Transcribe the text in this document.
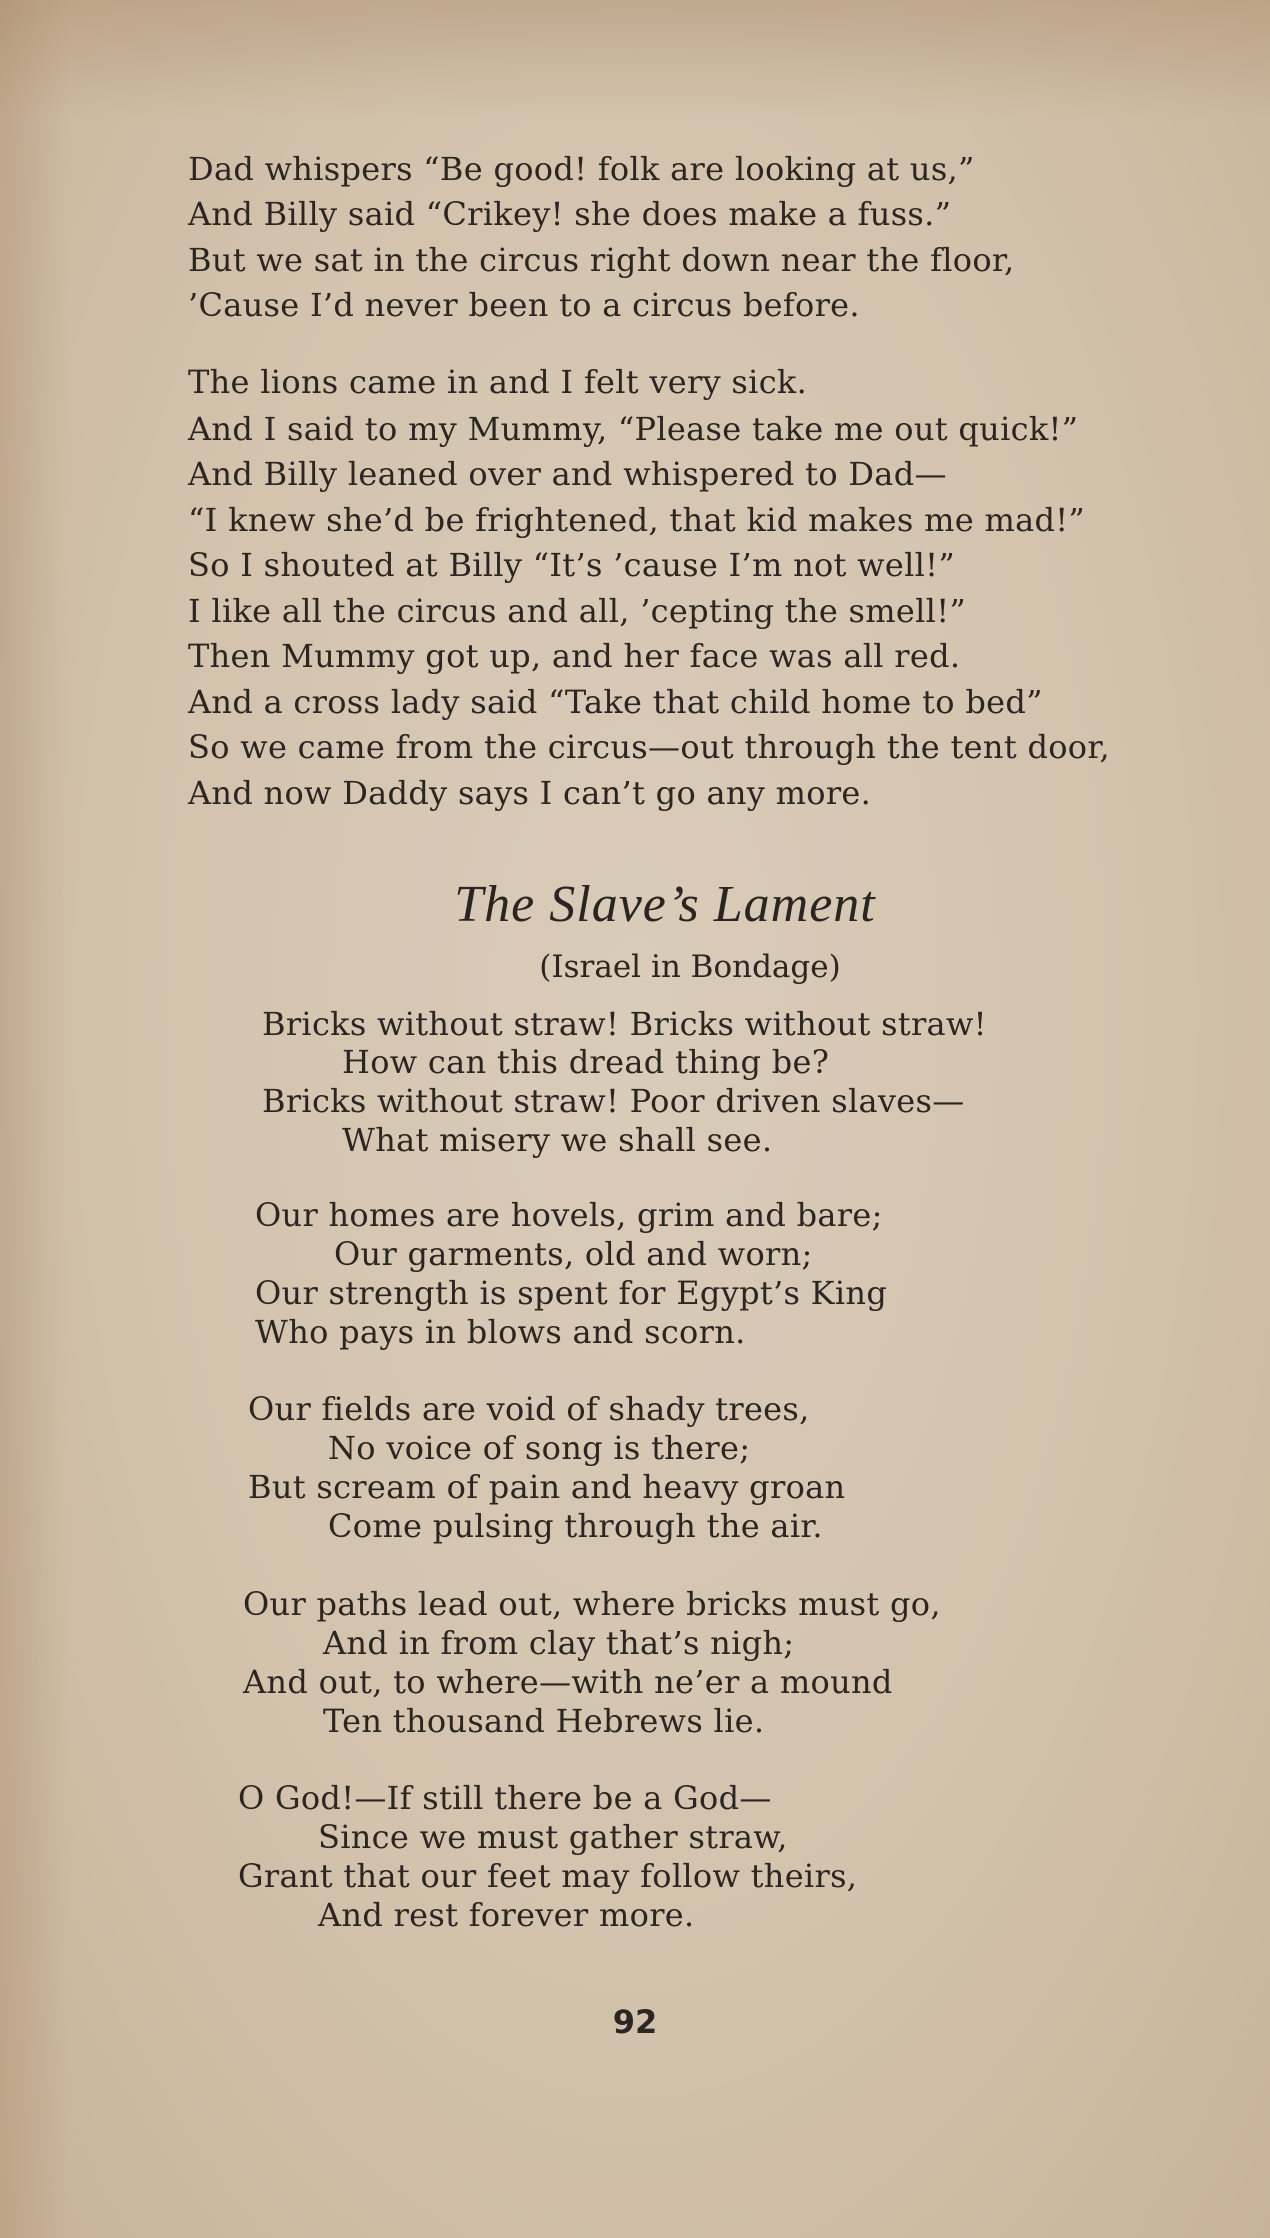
Dad whispers “Be good! folk are looking at us,”
And Billy said “Crikey! she does make a fuss.”
But we sat in the circus right down near the floor,
’Cause I’d never been to a circus before.
The lions came in and I felt very sick.
And I said to my Mummy, “Please take me out quick!”
And Billy leaned over and whispered to Dad—
“I knew she’d be frightened, that kid makes me mad!”
So I shouted at Billy “It’s ’cause I’m not well!”
I like all the circus and all, ’cepting the smell!”
Then Mummy got up, and her face was all red.
And a cross lady said “Take that child home to bed”
So we came from the circus—out through the tent door,
And now Daddy says I can’t go any more.
The Slave’s Lament
(Israel in Bondage)
Bricks without straw! Bricks without straw!
How can this dread thing be?
Bricks without straw! Poor driven slaves—
What misery we shall see.
Our homes are hovels, grim and bare;
Our garments, old and worn;
Our strength is spent for Egypt’s King
Who pays in blows and scorn.
Our fields are void of shady trees,
No voice of song is there;
But scream of pain and heavy groan
Come pulsing through the air.
Our paths lead out, where bricks must go,
And in from clay that’s nigh;
And out, to where—with ne’er a mound
Ten thousand Hebrews lie.
O God!—If still there be a God—
Since we must gather straw,
Grant that our feet may follow theirs,
And rest forever more.
92
